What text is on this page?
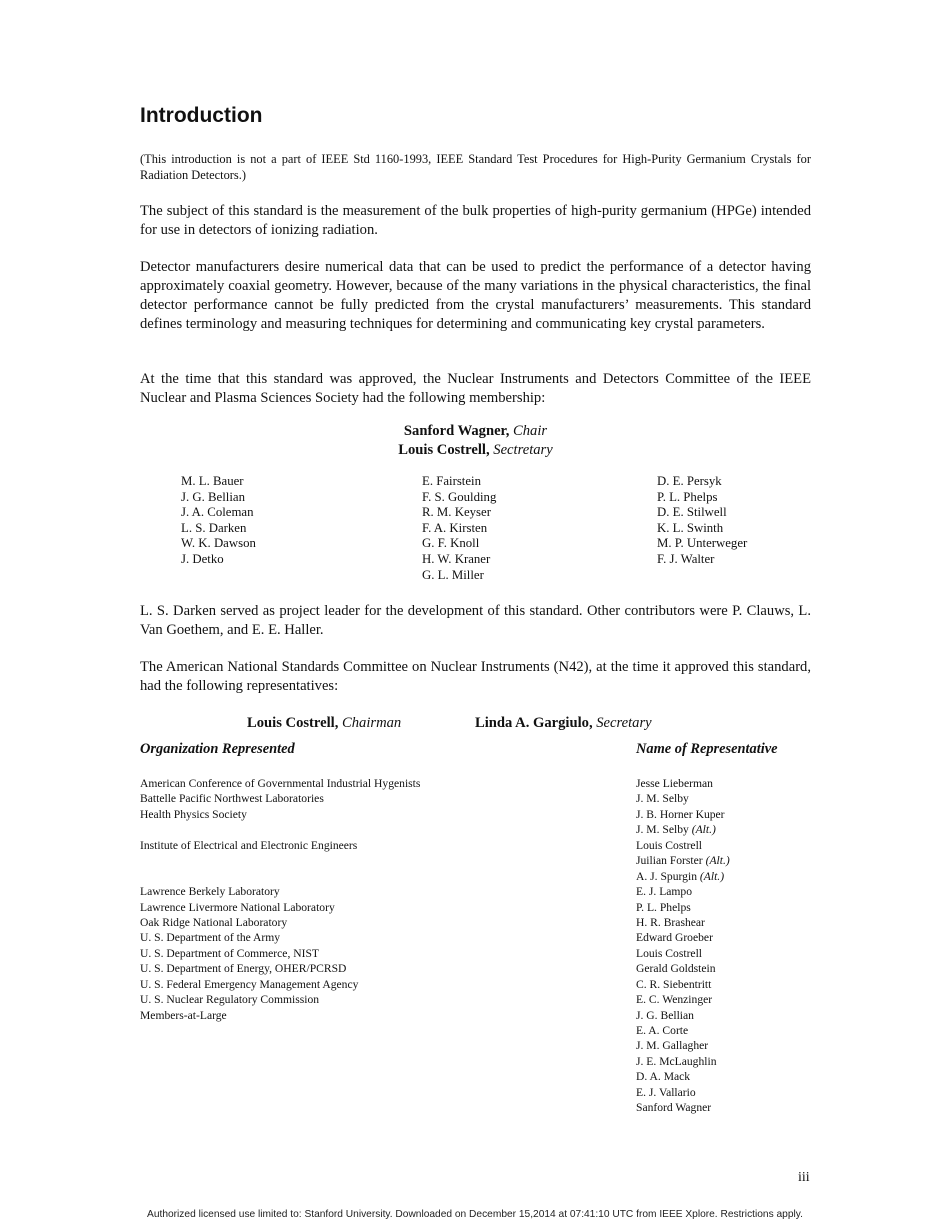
Introduction
(This introduction is not a part of IEEE Std 1160-1993, IEEE Standard Test Procedures for High-Purity Germanium Crystals for Radiation Detectors.)

The subject of this standard is the measurement of the bulk properties of high-purity germanium (HPGe) intended for use in detectors of ionizing radiation.

Detector manufacturers desire numerical data that can be used to predict the performance of a detector having approximately coaxial geometry. However, because of the many variations in the physical characteristics, the final detector performance cannot be fully predicted from the crystal manufacturers’ measurements. This standard defines terminology and measuring techniques for determining and communicating key crystal parameters.

At the time that this standard was approved, the Nuclear Instruments and Detectors Committee of the IEEE Nuclear and Plasma Sciences Society had the following membership:

Sanford Wagner, Chair
Louis Costrell, Sectretary
M. L. Bauer
J. G. Bellian
J. A. Coleman
L. S. Darken
W. K. Dawson
J. Detko
E. Fairstein
F. S. Goulding
R. M. Keyser
F. A. Kirsten
G. F. Knoll
H. W. Kraner
G. L. Miller
D. E. Persyk
P. L. Phelps
D. E. Stilwell
K. L. Swinth
M. P. Unterweger
F. J. Walter

L. S. Darken served as project leader for the development of this standard. Other contributors were P. Clauws, L. Van Goethem, and E. E. Haller.

The American National Standards Committee on Nuclear Instruments (N42), at the time it approved this standard, had the following representatives:

Louis Costrell, Chairman	Linda A. Gargiulo, Secretary
Organization Represented	Name of Representative
American Conference of Governmental Industrial Hygenists
Battelle Pacific Northwest Laboratories
Health Physics Society
Institute of Electrical and Electronic Engineers
Lawrence Berkely Laboratory
Lawrence Livermore National Laboratory
Oak Ridge National Laboratory
U. S. Department of the Army
U. S. Department of Commerce, NIST
U. S. Department of Energy, OHER/PCRSD
U. S. Federal Emergency Management Agency
U. S. Nuclear Regulatory Commission
Members-at-Large
Jesse Lieberman
J. M. Selby
J. B. Horner Kuper
J. M. Selby (Alt.)
Louis Costrell
Juilian Forster (Alt.)
A. J. Spurgin (Alt.)
E. J. Lampo
P. L. Phelps
H. R. Brashear
Edward Groeber
Louis Costrell
Gerald Goldstein
C. R. Siebentritt
E. C. Wenzinger
J. G. Bellian
E. A. Corte
J. M. Gallagher
J. E. McLaughlin
D. A. Mack
E. J. Vallario
Sanford Wagner
iii
Authorized licensed use limited to: Stanford University. Downloaded on December 15,2014 at 07:41:10 UTC from IEEE Xplore. Restrictions apply.
